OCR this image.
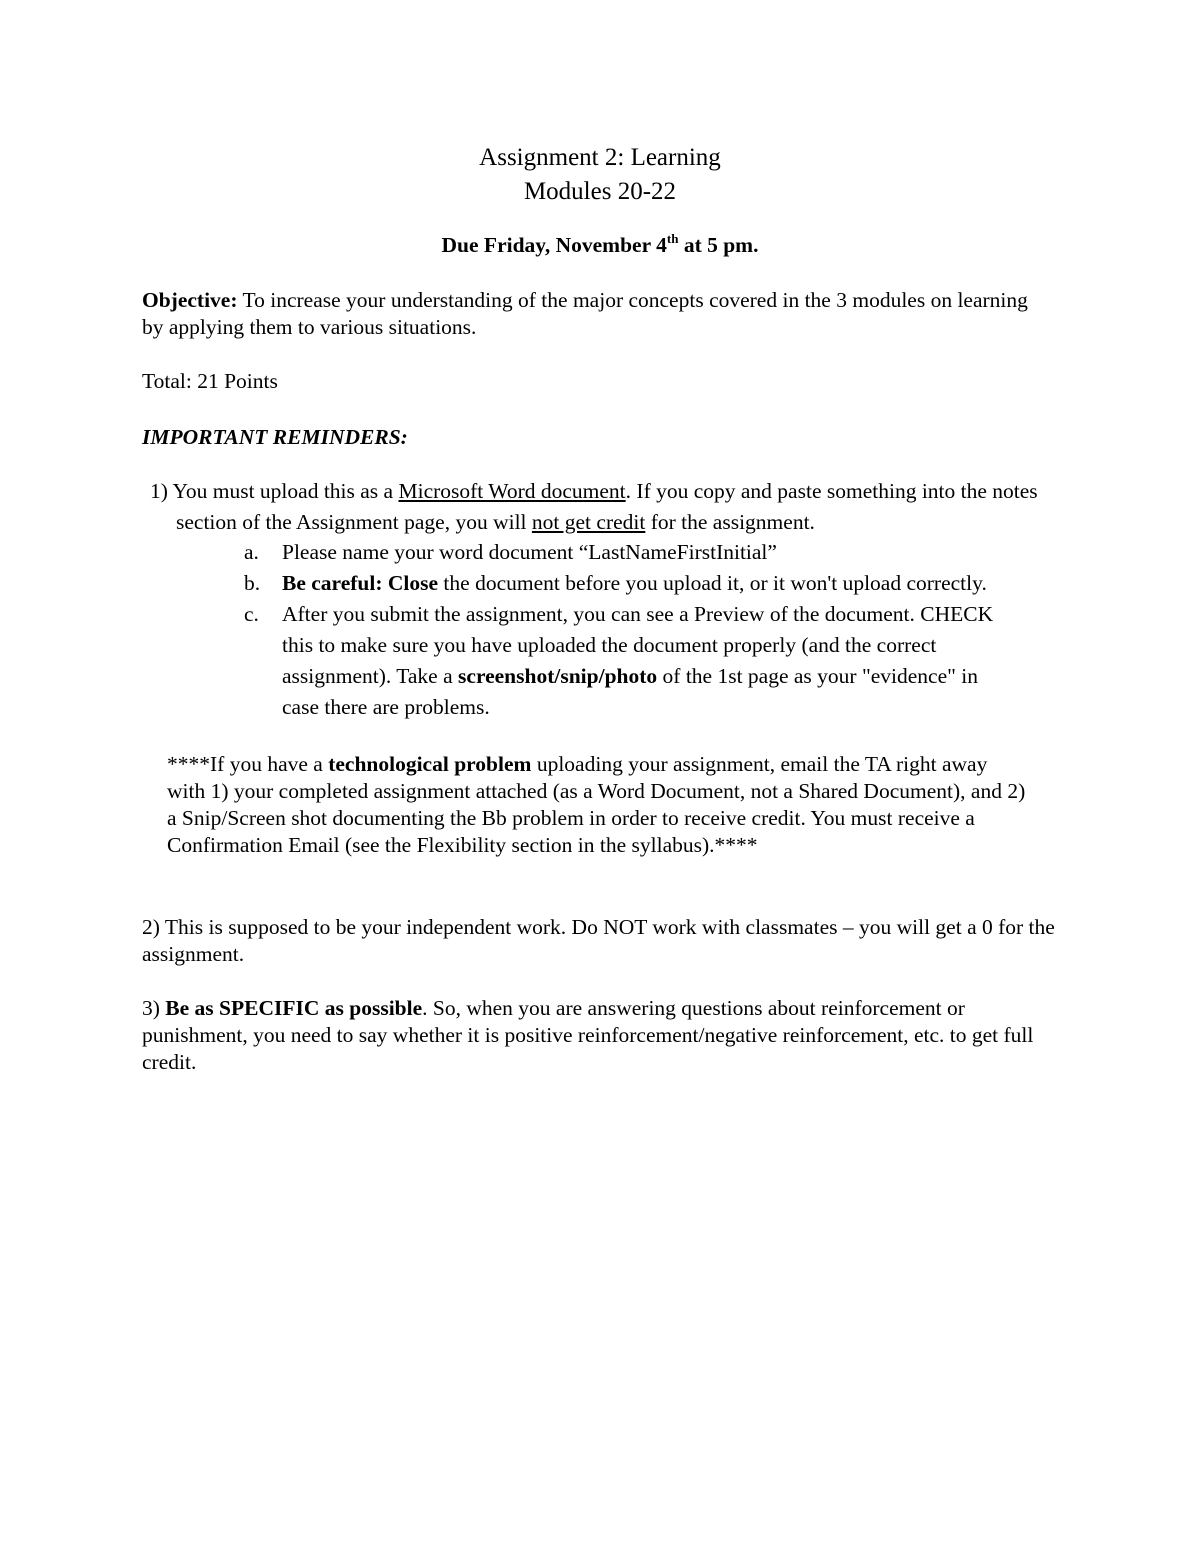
Assignment 2: Learning
Modules 20-22
Due Friday, November 4th at 5 pm.
Objective: To increase your understanding of the major concepts covered in the 3 modules on learning by applying them to various situations.
Total: 21 Points
IMPORTANT REMINDERS:
1) You must upload this as a Microsoft Word document. If you copy and paste something into the notes section of the Assignment page, you will not get credit for the assignment.
a.	Please name your word document “LastNameFirstInitial”
b.	Be careful: Close the document before you upload it, or it won't upload correctly.
c.	After you submit the assignment, you can see a Preview of the document. CHECK this to make sure you have uploaded the document properly (and the correct assignment). Take a screenshot/snip/photo of the 1st page as your "evidence" in case there are problems.
****If you have a technological problem uploading your assignment, email the TA right away with 1) your completed assignment attached (as a Word Document, not a Shared Document), and 2) a Snip/Screen shot documenting the Bb problem in order to receive credit. You must receive a Confirmation Email (see the Flexibility section in the syllabus).****
2) This is supposed to be your independent work. Do NOT work with classmates – you will get a 0 for the assignment.
3) Be as SPECIFIC as possible. So, when you are answering questions about reinforcement or punishment, you need to say whether it is positive reinforcement/negative reinforcement, etc. to get full credit.
